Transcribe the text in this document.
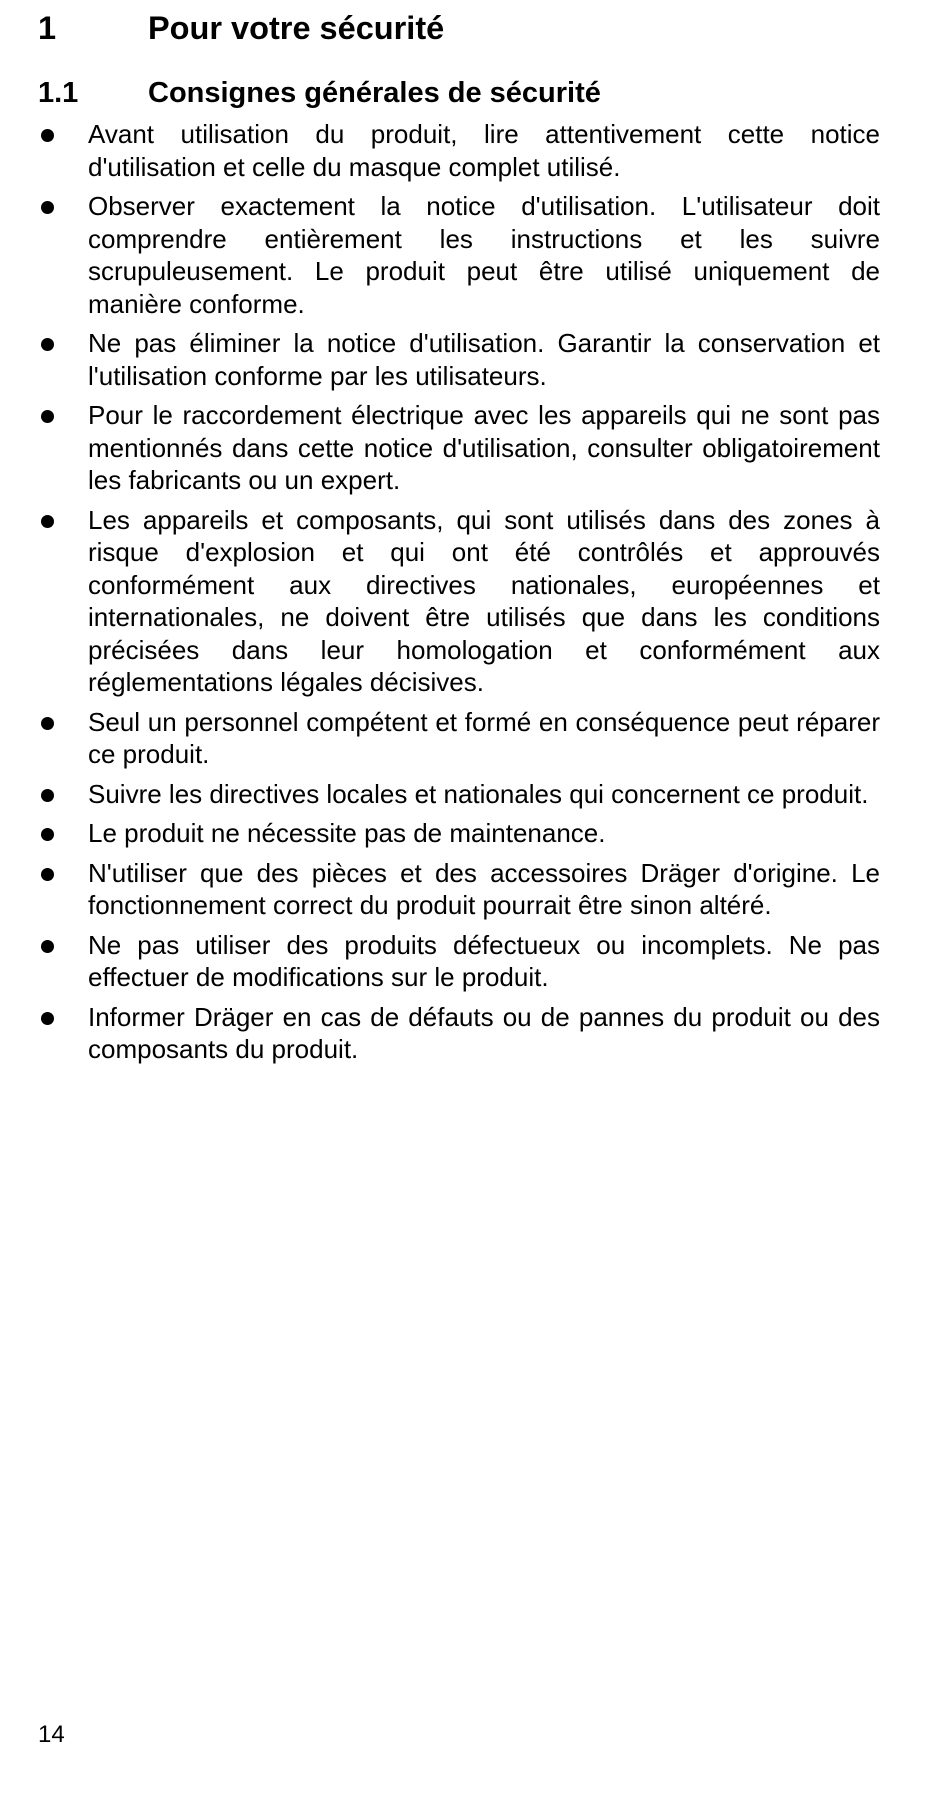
1	Pour votre sécurité
1.1 Consignes générales de sécurité
Avant utilisation du produit, lire attentivement cette notice d'utilisation et celle du masque complet utilisé.
Observer exactement la notice d'utilisation. L'utilisateur doit comprendre entièrement les instructions et les suivre scrupuleusement. Le produit peut être utilisé uniquement de manière conforme.
Ne pas éliminer la notice d'utilisation. Garantir la conservation et l'utilisation conforme par les utilisateurs.
Pour le raccordement électrique avec les appareils qui ne sont pas mentionnés dans cette notice d'utilisation, consulter obligatoirement les fabricants ou un expert.
Les appareils et composants, qui sont utilisés dans des zones à risque d'explosion et qui ont été contrôlés et approuvés conformément aux directives nationales, européennes et internationales, ne doivent être utilisés que dans les conditions précisées dans leur homologation et conformément aux réglementations légales décisives.
Seul un personnel compétent et formé en conséquence peut réparer ce produit.
Suivre les directives locales et nationales qui concernent ce produit.
Le produit ne nécessite pas de maintenance.
N'utiliser que des pièces et des accessoires Dräger d'origine. Le fonctionnement correct du produit pourrait être sinon altéré.
Ne pas utiliser des produits défectueux ou incomplets. Ne pas effectuer de modifications sur le produit.
Informer Dräger en cas de défauts ou de pannes du produit ou des composants du produit.
14
